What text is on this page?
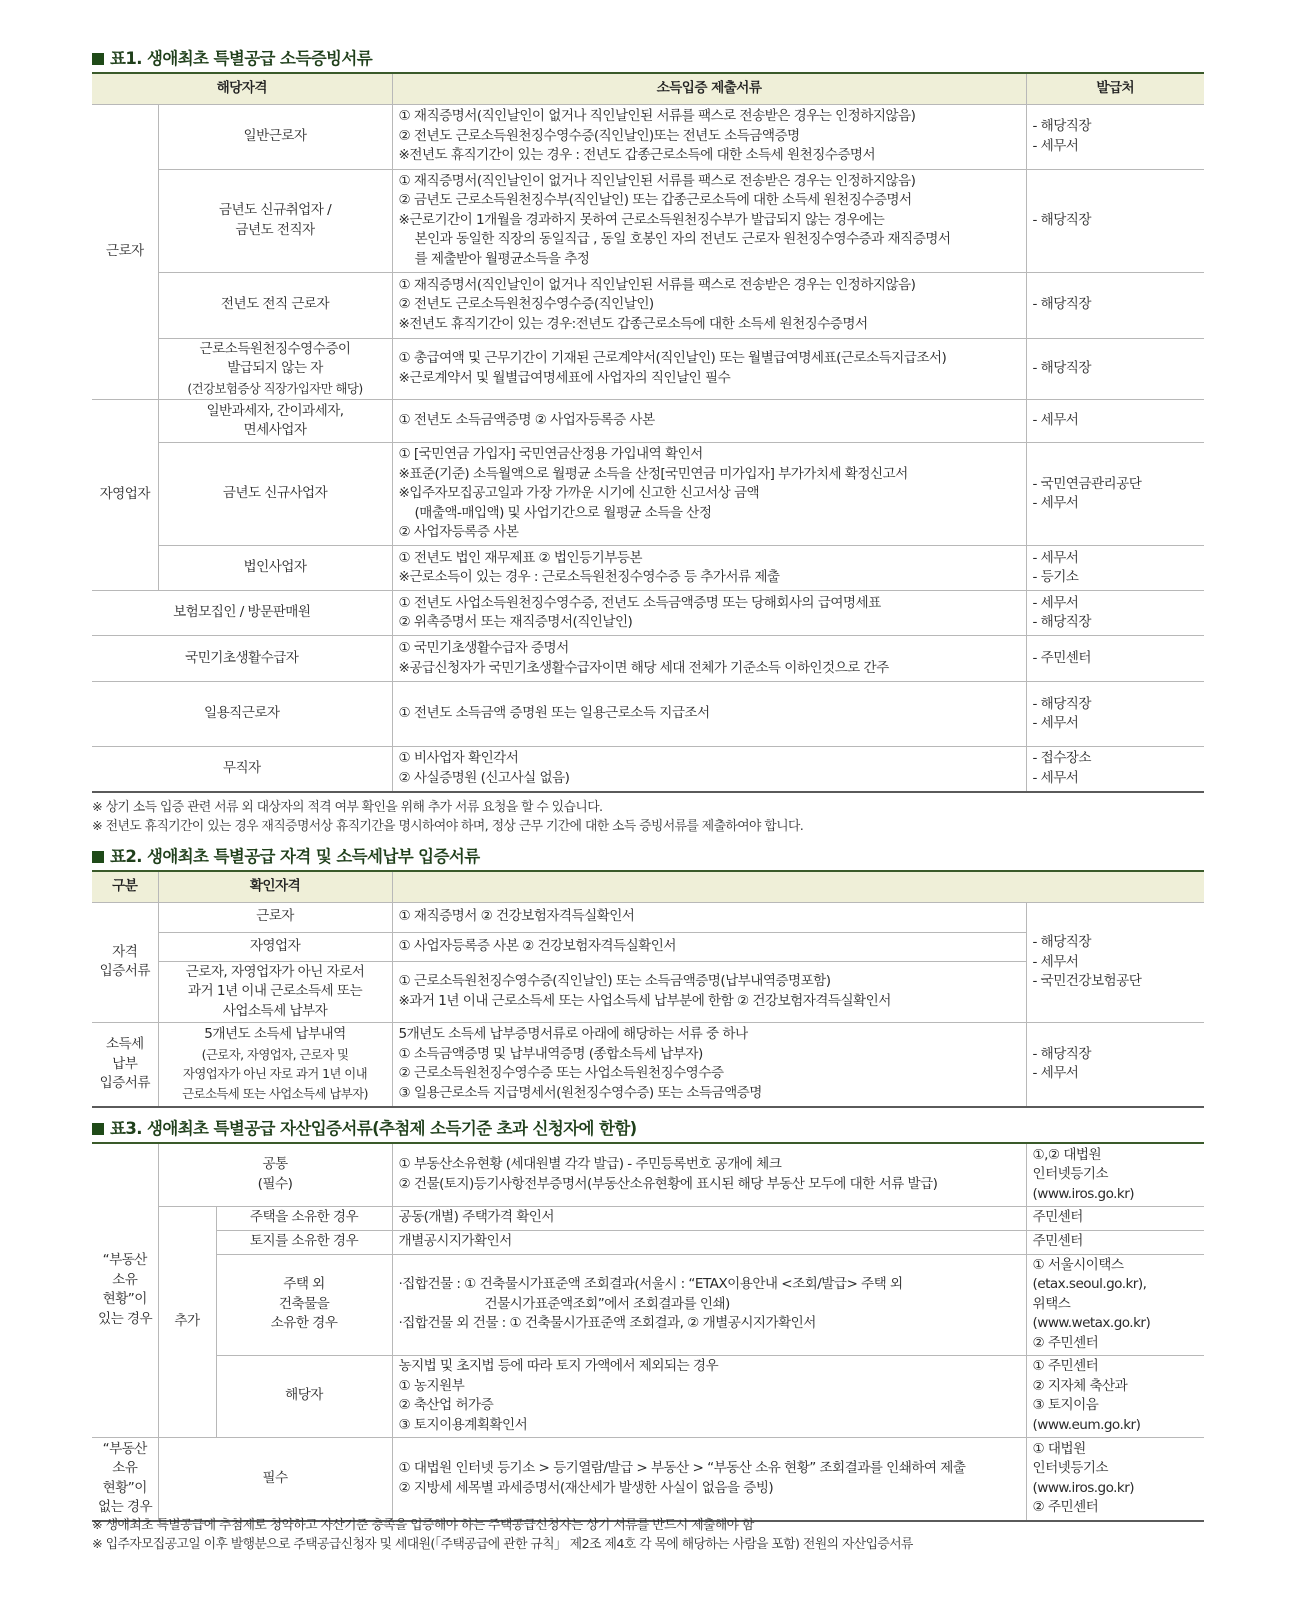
표1. 생애최초 특별공급 소득증빙서류
해당자격		소득입증 제출서류	발급처
근로자	일반근로자	① 재직증명서(직인날인이 없거나 직인날인된 서류를 팩스로 전송받은 경우는 인정하지않음)
② 전년도 근로소득원천징수영수증(직인날인)또는 전년도 소득금액증명
※전년도 휴직기간이 있는 경우 : 전년도 갑종근로소득에 대한 소득세 원천징수증명서	- 해당직장
- 세무서

	금년도 신규취업자 /
금년도 전직자	① 재직증명서(직인날인이 없거나 직인날인된 서류를 팩스로 전송받은 경우는 인정하지않음)
② 금년도 근로소득원천징수부(직인날인) 또는 갑종근로소득에 대한 소득세 원천징수증명서
※근로기간이 1개월을 경과하지 못하여 근로소득원천징수부가 발급되지 않는 경우에는
본인과 동일한 직장의 동일직급 , 동일 호봉인 자의 전년도 근로자 원천징수영수증과 재직증명서
를 제출받아 월평균소득을 추정	- 해당직장

	전년도 전직 근로자	① 재직증명서(직인날인이 없거나 직인날인된 서류를 팩스로 전송받은 경우는 인정하지않음)
② 전년도 근로소득원천징수영수증(직인날인)
※전년도 휴직기간이 있는 경우:전년도 갑종근로소득에 대한 소득세 원천징수증명서	- 해당직장

	근로소득원천징수영수증이
발급되지 않는 자
(건강보험증상 직장가입자만 해당)	① 총급여액 및 근무기간이 기재된 근로계약서(직인날인) 또는 월별급여명세표(근로소득지급조서)
※근로계약서 및 월별급여명세표에 사업자의 직인날인 필수	- 해당직장

자영업자	일반과세자, 간이과세자,
면세사업자	① 전년도 소득금액증명 ② 사업자등록증 사본	- 세무서

	금년도 신규사업자	① [국민연금 가입자] 국민연금산정용 가입내역 확인서
※표준(기준) 소득월액으로 월평균 소득을 산정[국민연금 미가입자] 부가가치세 확정신고서
※입주자모집공고일과 가장 가까운 시기에 신고한 신고서상 금액
(매출액-매입액) 및 사업기간으로 월평균 소득을 산정
② 사업자등록증 사본	- 국민연금관리공단
- 세무서

	법인사업자	① 전년도 법인 재무제표 ② 법인등기부등본
※근로소득이 있는 경우 : 근로소득원천징수영수증 등 추가서류 제출	- 세무서
- 등기소

보험모집인 / 방문판매원		① 전년도 사업소득원천징수영수증, 전년도 소득금액증명 또는 당해회사의 급여명세표
② 위촉증명서 또는 재직증명서(직인날인)	- 세무서
- 해당직장

국민기초생활수급자		① 국민기초생활수급자 증명서
※공급신청자가 국민기초생활수급자이면 해당 세대 전체가 기준소득 이하인것으로 간주	- 주민센터

일용직근로자		① 전년도 소득금액 증명원 또는 일용근로소득 지급조서	- 해당직장
- 세무서

무직자		① 비사업자 확인각서
② 사실증명원 (신고사실 없음)	- 접수장소
- 세무서
※ 상기 소득 입증 관련 서류 외 대상자의 적격 여부 확인을 위해 추가 서류 요청을 할 수 있습니다.
※ 전년도 휴직기간이 있는 경우 재직증명서상 휴직기간을 명시하여야 하며, 정상 근무 기간에 대한 소득 증빙서류를 제출하여야 합니다.
표2. 생애최초 특별공급 자격 및 소득세납부 입증서류
구분	확인자격		

자격
입증서류	근로자	① 재직증명서 ② 건강보험자격득실확인서	- 해당직장
- 세무서
- 국민건강보험공단

	자영업자	① 사업자등록증 사본 ② 건강보험자격득실확인서	

	근로자, 자영업자가 아닌 자로서
과거 1년 이내 근로소득세 또는
사업소득세 납부자	① 근로소득원천징수영수증(직인날인) 또는 소득금액증명(납부내역증명포함)
※과거 1년 이내 근로소득세 또는 사업소득세 납부분에 한함 ② 건강보험자격득실확인서	

소득세
납부
입증서류	5개년도 소득세 납부내역
(근로자, 자영업자, 근로자 및
자영업자가 아닌 자로 과거 1년 이내
근로소득세 또는 사업소득세 납부자)	5개년도 소득세 납부증명서류로 아래에 해당하는 서류 중 하나
① 소득금액증명 및 납부내역증명 (종합소득세 납부자)
② 근로소득원천징수영수증 또는 사업소득원천징수영수증
③ 일용근로소득 지급명세서(원천징수영수증) 또는 소득금액증명	- 해당직장
- 세무서
표3. 생애최초 특별공급 자산입증서류(추첨제 소득기준 초과 신청자에 한함)
“부동산
소유
현황”이
있는 경우	공통
(필수)		① 부동산소유현황 (세대원별 각각 발급) - 주민등록번호 공개에 체크
② 건물(토지)등기사항전부증명서(부동산소유현황에 표시된 해당 부동산 모두에 대한 서류 발급)	①,② 대법원
인터넷등기소
(www.iros.go.kr)

	추가	주택을 소유한 경우	공동(개별) 주택가격 확인서	주민센터
		토지를 소유한 경우	개별공시지가확인서	주민센터

		주택 외
건축물을
소유한 경우	·집합건물 : ① 건축물시가표준액 조회결과(서울시 : “ETAX이용안내 <조회/발급> 주택 외
건물시가표준액조회”에서 조회결과를 인쇄)
·집합건물 외 건물 : ① 건축물시가표준액 조회결과, ② 개별공시지가확인서	① 서울시이택스
(etax.seoul.go.kr),
위택스
(www.wetax.go.kr)
② 주민센터

		해당자	농지법 및 초지법 등에 따라 토지 가액에서 제외되는 경우
① 농지원부
② 축산업 허가증
③ 토지이용계획확인서	① 주민센터
② 지자체 축산과
③ 토지이음
(www.eum.go.kr)

“부동산
소유
현황”이
없는 경우	필수		① 대법원 인터넷 등기소 > 등기열람/발급 > 부동산 > “부동산 소유 현황” 조회결과를 인쇄하여 제출
② 지방세 세목별 과세증명서(재산세가 발생한 사실이 없음을 증빙)	① 대법원
인터넷등기소
(www.iros.go.kr)
② 주민센터
※ 생애최초 특별공급에 추첨제로 청약하고 자산기준 충족을 입증해야 하는 주택공급신청자는 상기 서류를 반드시 제출해야 함
※ 입주자모집공고일 이후 발행분으로 주택공급신청자 및 세대원(「주택공급에 관한 규칙」 제2조 제4호 각 목에 해당하는 사람을 포함) 전원의 자산입증서류
